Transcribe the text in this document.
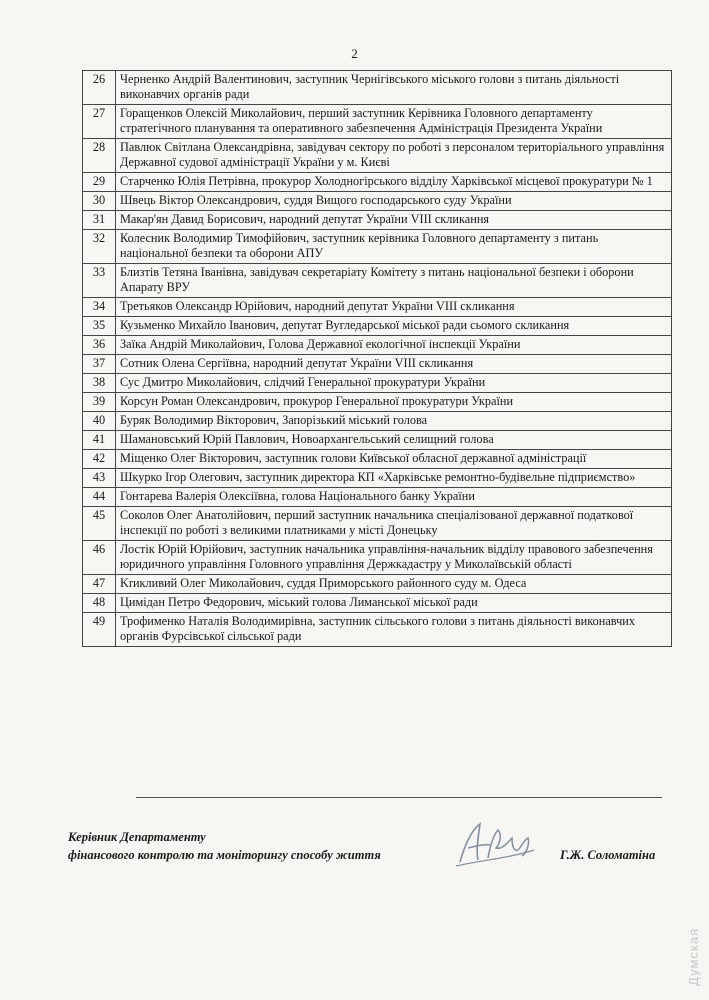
2
26	Черненко Андрій Валентинович, заступник Чернігівського міського голови з питань діяльності виконавчих органів ради
27	Горащенков Олексій Миколайович, перший заступник Керівника Головного департаменту стратегічного планування та оперативного забезпечення Адміністрація Президента України
28	Павлюк Світлана Олександрівна, завідувач сектору по роботі з персоналом територіального управління Державної судової адміністрації України у м. Києві
29	Старченко Юлія Петрівна, прокурор Холодногірського відділу Харківської місцевої прокуратури № 1
30	Швець Віктор Олександрович, суддя Вищого господарського суду України
31	Макар'ян Давид Борисович, народний депутат України VIII скликання
32	Колесник Володимир Тимофійович, заступник керівника Головного департаменту з питань національної безпеки та оборони АПУ
33	Близтів Тетяна Іванівна, завідувач секретаріату Комітету з питань національної безпеки і оборони Апарату ВРУ
34	Третьяков Олександр Юрійович, народний депутат України VIII скликання
35	Кузьменко Михайло Іванович, депутат Вугледарської міської ради сьомого скликання
36	Заїка Андрій Миколайович, Голова Державної екологічної інспекції України
37	Сотник Олена Сергіївна, народний депутат України VIII скликання
38	Сус Дмитро Миколайович, слідчий Генеральної прокуратури України
39	Корсун Роман Олександрович, прокурор Генеральної прокуратури України
40	Буряк Володимир Вікторович, Запорізький міський голова
41	Шамановський Юрій Павлович, Новоархангельський селищний голова
42	Міщенко Олег Вікторович, заступник голови Київської обласної державної адміністрації
43	Шкурко Ігор Олегович, заступник директора КП «Харківське ремонтно-будівельне підприємство»
44	Гонтарева Валерія Олексіївна, голова Національного банку України
45	Соколов Олег Анатолійович, перший заступник начальника спеціалізованої державної податкової інспекції по роботі з великими платниками у місті Донецьку
46	Лостік Юрій Юрійович, заступник начальника управління-начальник відділу правового забезпечення юридичного управління Головного управління Держкадастру у Миколаївській області
47	Krикливий Олег Миколайович, суддя Приморського районного суду м. Одеса
48	Цимідан Петро Федорович, міський голова Лиманської міської ради
49	Трофименко Наталія Володимирівна, заступник сільського голови з питань діяльності виконавчих органів Фурсівської сільської ради
Керівник Департаменту
фінансового контролю та моніторингу способу життя	Г.Ж. Соломатіна
Думская
